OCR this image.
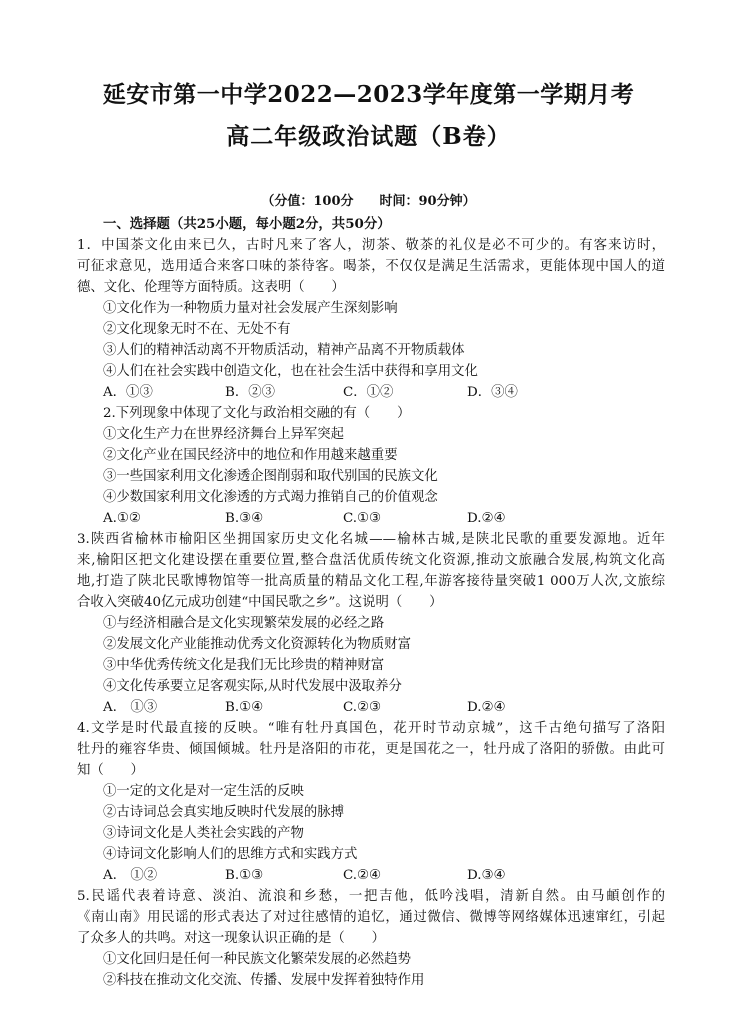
延安市第一中学2022—2023学年度第一学期月考
高二年级政治试题（B卷）
（分值：100分　　时间：90分钟）
一、选择题（共25小题，每小题2分，共50分）
1．中国茶文化由来已久，古时凡来了客人，沏茶、敬茶的礼仪是必不可少的。有客来访时，
可征求意见，选用适合来客口味的茶待客。喝茶，不仅仅是满足生活需求，更能体现中国人的道
德、文化、伦理等方面特质。这表明（　　）
①文化作为一种物质力量对社会发展产生深刻影响
②文化现象无时不在、无处不有
③人们的精神活动离不开物质活动，精神产品离不开物质载体
④人们在社会实践中创造文化，也在社会生活中获得和享用文化
A．①③	B．②③	C．①②	D．③④
2.下列现象中体现了文化与政治相交融的有（　　）
①文化生产力在世界经济舞台上异军突起
②文化产业在国民经济中的地位和作用越来越重要
③一些国家利用文化渗透企图削弱和取代别国的民族文化
④少数国家利用文化渗透的方式竭力推销自己的价值观念
A.①②	B.③④	C.①③	D.②④
3.陕西省榆林市榆阳区坐拥国家历史文化名城——榆林古城,是陕北民歌的重要发源地。近年
来,榆阳区把文化建设摆在重要位置,整合盘活优质传统文化资源,推动文旅融合发展,构筑文化高
地,打造了陕北民歌博物馆等一批高质量的精品文化工程,年游客接待量突破1 000万人次,文旅综
合收入突破40亿元成功创建“中国民歌之乡”。这说明（　　）
①与经济相融合是文化实现繁荣发展的必经之路
②发展文化产业能推动优秀文化资源转化为物质财富
③中华优秀传统文化是我们无比珍贵的精神财富
④文化传承要立足客观实际,从时代发展中汲取养分
A.　①③	B.①④	C.②③	D.②④
4.文学是时代最直接的反映。“唯有牡丹真国色，花开时节动京城”，这千古绝句描写了洛阳
牡丹的雍容华贵、倾国倾城。牡丹是洛阳的市花，更是国花之一，牡丹成了洛阳的骄傲。由此可
知（　　）
①一定的文化是对一定生活的反映
②古诗词总会真实地反映时代发展的脉搏
③诗词文化是人类社会实践的产物
④诗词文化影响人们的思维方式和实践方式
A.　①②	B.①③	C.②④	D.③④
5.民谣代表着诗意、淡泊、流浪和乡愁，一把吉他，低吟浅唱，清新自然。由马頔创作的
《南山南》用民谣的形式表达了对过往感情的追忆，通过微信、微博等网络媒体迅速窜红，引起
了众多人的共鸣。对这一现象认识正确的是（　　）
①文化回归是任何一种民族文化繁荣发展的必然趋势
②科技在推动文化交流、传播、发展中发挥着独特作用
